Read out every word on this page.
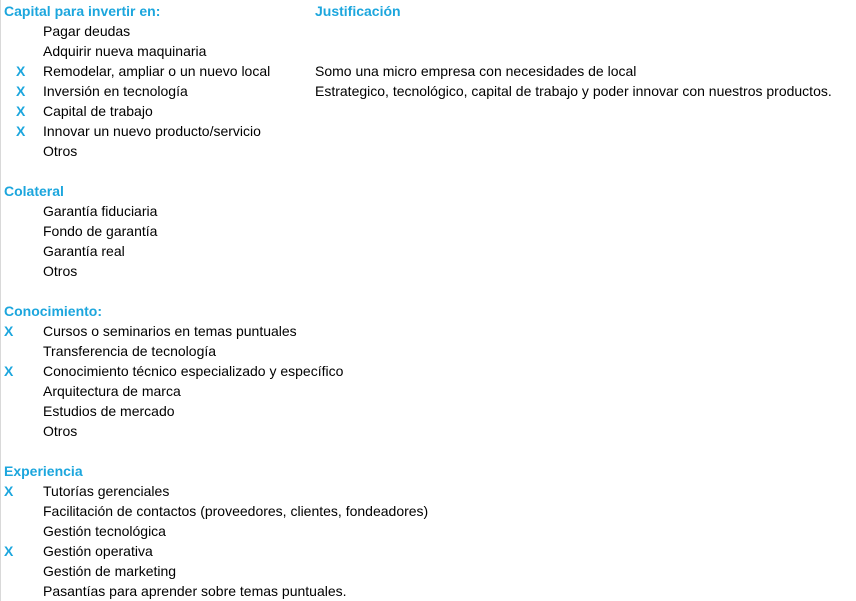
Capital para invertir en:	Justificación
Pagar deudas
Adquirir nueva maquinaria
X Remodelar, ampliar o un nuevo local	Somo una micro empresa con necesidades de local
X Inversión en tecnología	Estrategico, tecnológico, capital de trabajo y poder innovar con nuestros productos.
X Capital de trabajo
X Innovar un nuevo producto/servicio
Otros
Colateral
Garantía fiduciaria
Fondo de garantía
Garantía real
Otros
Conocimiento:
X Cursos o seminarios en temas puntuales
Transferencia de tecnología
X Conocimiento técnico especializado y específico
Arquitectura de marca
Estudios de mercado
Otros
Experiencia
X Tutorías gerenciales
Facilitación de contactos (proveedores, clientes, fondeadores)
Gestión tecnológica
X Gestión operativa
Gestión de marketing
Pasantías para aprender sobre temas puntuales.
